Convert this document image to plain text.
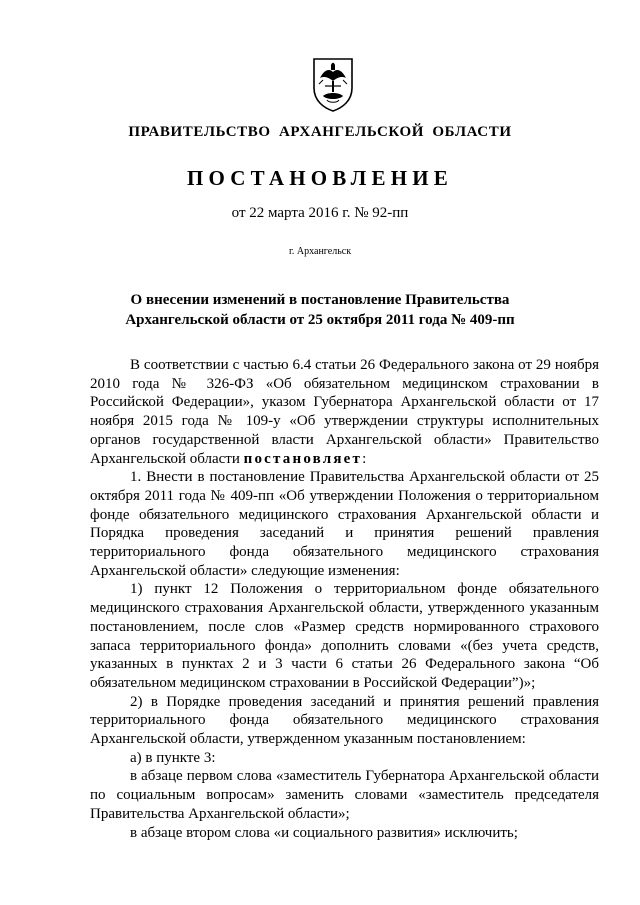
ПРАВИТЕЛЬСТВО АРХАНГЕЛЬСКОЙ ОБЛАСТИ

ПОСТАНОВЛЕНИЕ

от 22 марта 2016 г. № 92-пп

г. Архангельск

О внесении изменений в постановление Правительства
Архангельской области от 25 октября 2011 года № 409-пп

В соответствии с частью 6.4 статьи 26 Федерального закона от 29 ноября 2010 года № 326-ФЗ «Об обязательном медицинском страховании в Российской Федерации», указом Губернатора Архангельской области от 17 ноября 2015 года № 109-у «Об утверждении структуры исполнительных органов государственной власти Архангельской области» Правительство Архангельской области постановляет:

1. Внести в постановление Правительства Архангельской области от 25 октября 2011 года № 409-пп «Об утверждении Положения о территориальном фонде обязательного медицинского страхования Архангельской области и Порядка проведения заседаний и принятия решений правления территориального фонда обязательного медицинского страхования Архангельской области» следующие изменения:

1) пункт 12 Положения о территориальном фонде обязательного медицинского страхования Архангельской области, утвержденного указанным постановлением, после слов «Размер средств нормированного страхового запаса территориального фонда» дополнить словами «(без учета средств, указанных в пунктах 2 и 3 части 6 статьи 26 Федерального закона “Об обязательном медицинском страховании в Российской Федерации”)»;

2) в Порядке проведения заседаний и принятия решений правления территориального фонда обязательного медицинского страхования Архангельской области, утвержденном указанным постановлением:

а) в пункте 3:

в абзаце первом слова «заместитель Губернатора Архангельской области по социальным вопросам» заменить словами «заместитель председателя Правительства Архангельской области»;

в абзаце втором слова «и социального развития» исключить;
